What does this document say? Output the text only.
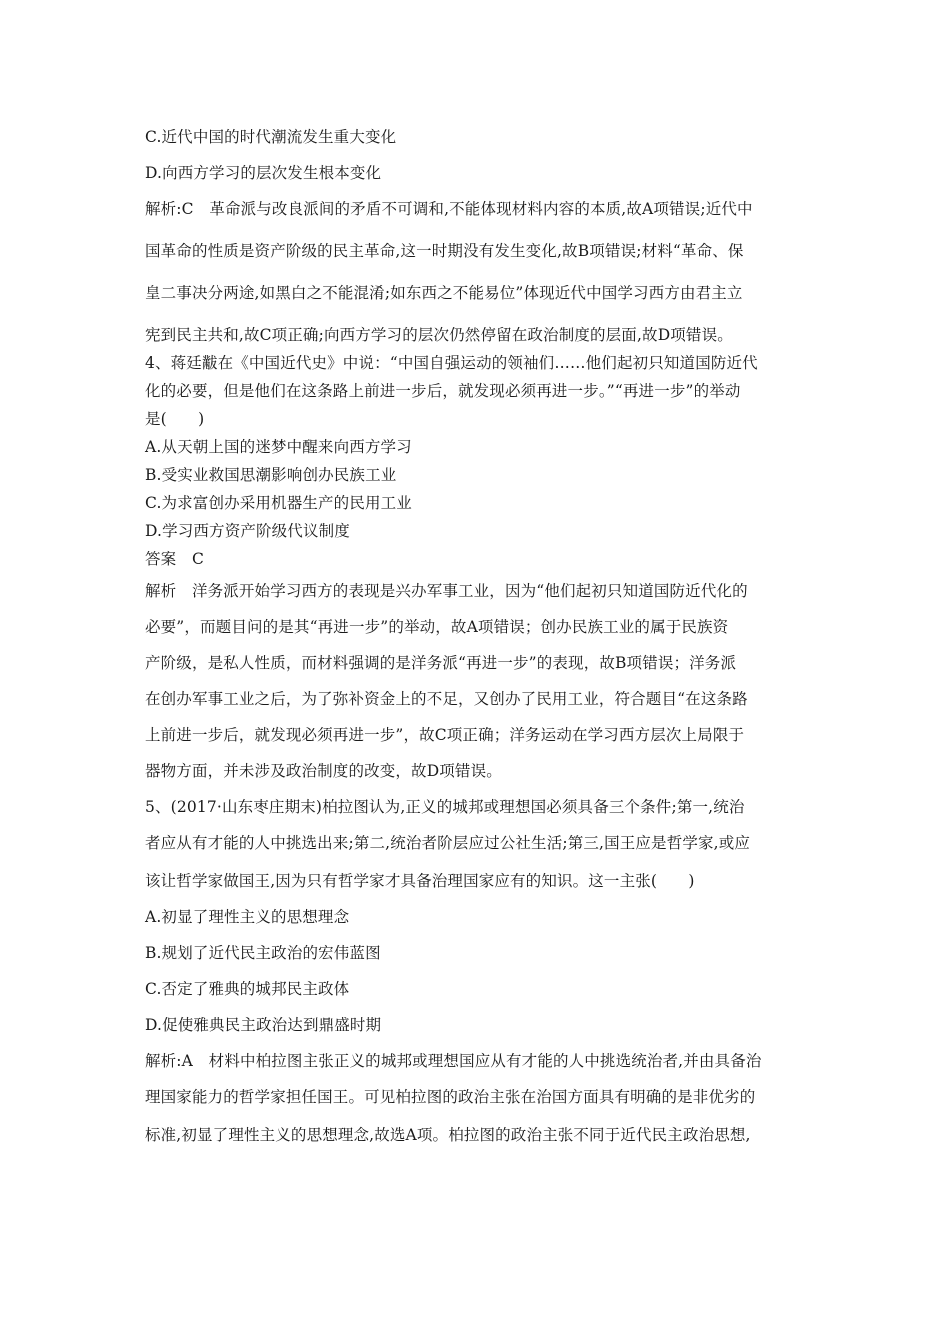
C.近代中国的时代潮流发生重大变化
D.向西方学习的层次发生根本变化
解析:C　革命派与改良派间的矛盾不可调和,不能体现材料内容的本质,故A项错误;近代中
国革命的性质是资产阶级的民主革命,这一时期没有发生变化,故B项错误;材料“革命、保
皇二事决分两途,如黑白之不能混淆;如东西之不能易位”体现近代中国学习西方由君主立
宪到民主共和,故C项正确;向西方学习的层次仍然停留在政治制度的层面,故D项错误。
4、蒋廷黻在《中国近代史》中说：“中国自强运动的领袖们……他们起初只知道国防近代
化的必要，但是他们在这条路上前进一步后，就发现必须再进一步。”“再进一步”的举动
是(　　)
A.从天朝上国的迷梦中醒来向西方学习
B.受实业救国思潮影响创办民族工业
C.为求富创办采用机器生产的民用工业
D.学习西方资产阶级代议制度
答案　C
解析　洋务派开始学习西方的表现是兴办军事工业，因为“他们起初只知道国防近代化的
必要”，而题目问的是其“再进一步”的举动，故A项错误；创办民族工业的属于民族资
产阶级，是私人性质，而材料强调的是洋务派“再进一步”的表现，故B项错误；洋务派
在创办军事工业之后，为了弥补资金上的不足，又创办了民用工业，符合题目“在这条路
上前进一步后，就发现必须再进一步”，故C项正确；洋务运动在学习西方层次上局限于
器物方面，并未涉及政治制度的改变，故D项错误。
5、(2017·山东枣庄期末)柏拉图认为,正义的城邦或理想国必须具备三个条件;第一,统治
者应从有才能的人中挑选出来;第二,统治者阶层应过公社生活;第三,国王应是哲学家,或应
该让哲学家做国王,因为只有哲学家才具备治理国家应有的知识。这一主张(　　)
A.初显了理性主义的思想理念
B.规划了近代民主政治的宏伟蓝图
C.否定了雅典的城邦民主政体
D.促使雅典民主政治达到鼎盛时期
解析:A　材料中柏拉图主张正义的城邦或理想国应从有才能的人中挑选统治者,并由具备治
理国家能力的哲学家担任国王。可见柏拉图的政治主张在治国方面具有明确的是非优劣的
标准,初显了理性主义的思想理念,故选A项。柏拉图的政治主张不同于近代民主政治思想,
